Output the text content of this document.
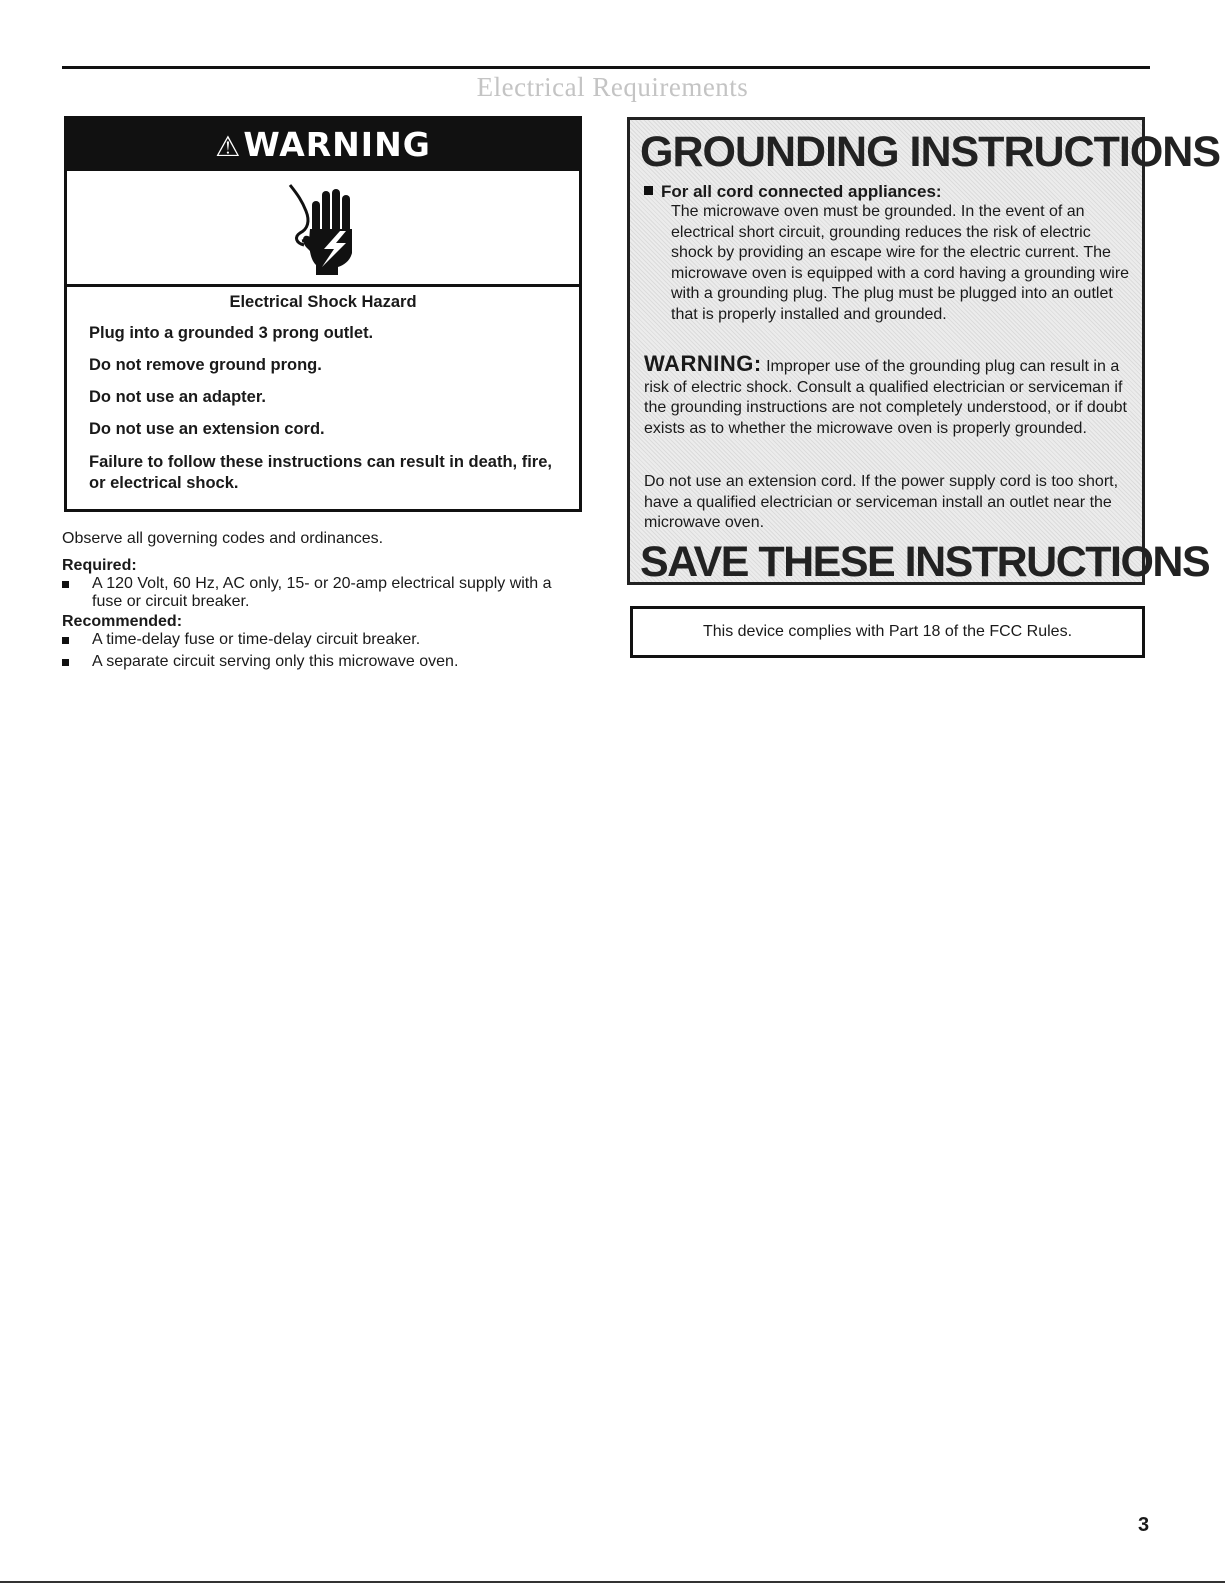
Electrical Requirements
⚠WARNING
Electrical Shock Hazard
Plug into a grounded 3 prong outlet.
Do not remove ground prong.
Do not use an adapter.
Do not use an extension cord.
Failure to follow these instructions can result in death, fire, or electrical shock.
Observe all governing codes and ordinances.
Required:
A 120 Volt, 60 Hz, AC only, 15- or 20-amp electrical supply with a fuse or circuit breaker.
Recommended:
A time-delay fuse or time-delay circuit breaker.
A separate circuit serving only this microwave oven.
GROUNDING INSTRUCTIONS
For all cord connected appliances:
The microwave oven must be grounded. In the event of an electrical short circuit, grounding reduces the risk of electric shock by providing an escape wire for the electric current. The microwave oven is equipped with a cord having a grounding wire with a grounding plug. The plug must be plugged into an outlet that is properly installed and grounded.
WARNING: Improper use of the grounding plug can result in a risk of electric shock. Consult a qualified electrician or serviceman if the grounding instructions are not completely understood, or if doubt exists as to whether the microwave oven is properly grounded.
Do not use an extension cord. If the power supply cord is too short, have a qualified electrician or serviceman install an outlet near the microwave oven.
SAVE THESE INSTRUCTIONS
This device complies with Part 18 of the FCC Rules.
3
